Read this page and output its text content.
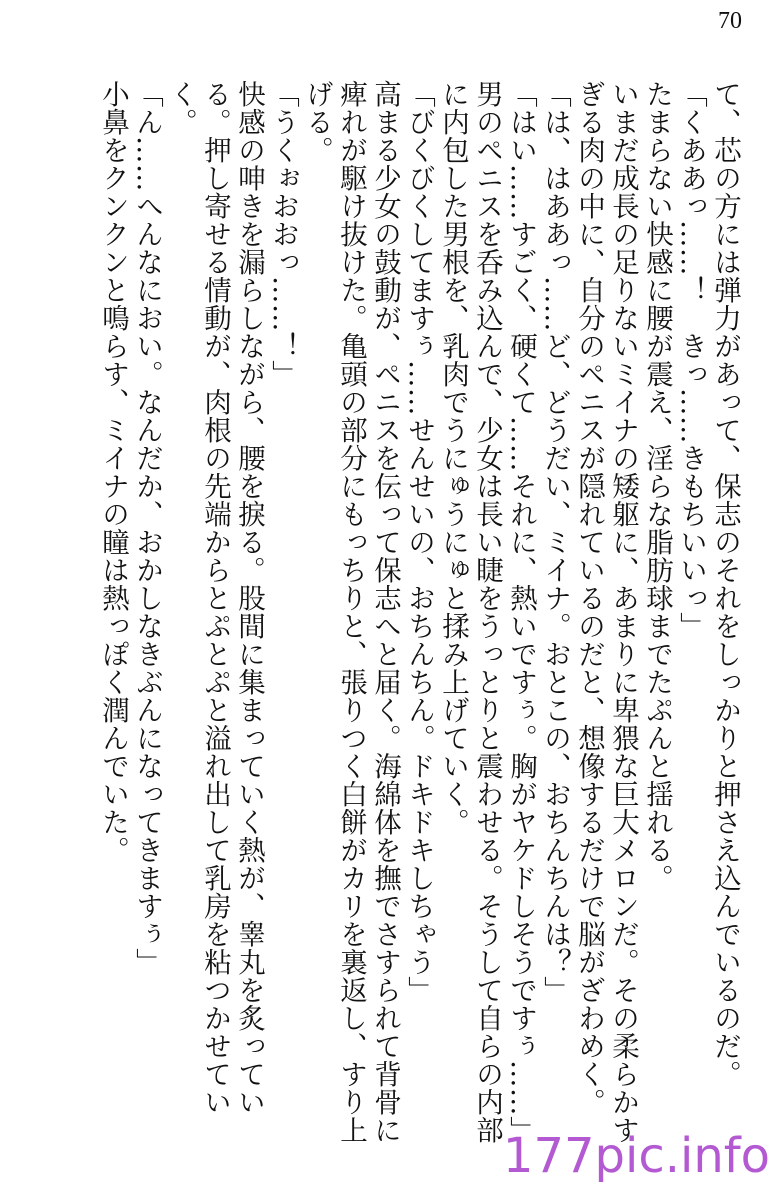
70

て、芯の方には弾力があって、保志のそれをしっかりと押さえ込んでいるのだ。

「くああっ……！　きっ……きもちいいっ」

たまらない快感に腰が震え、淫らな脂肪球までたぷんと揺れる。

いまだ成長の足りないミイナの矮躯に、あまりに卑猥な巨大メロンだ。その柔らかすぎる肉の中に、自分のペニスが隠れているのだと、想像するだけで脳がざわめく。

「は、はああっ……ど、どうだい、ミイナ。おとこの、おちんちんは？」

「はい……すごく、硬くて……それに、熱いですぅ。胸がヤケドしそうですぅ……」

男のペニスを呑み込んで、少女は長い睫をうっとりと震わせる。そうして自らの内部に内包した男根を、乳肉でうにゅうにゅと揉み上げていく。

「びくびくしてますぅ……せんせいの、おちんちん。ドキドキしちゃう」

高まる少女の鼓動が、ペニスを伝って保志へと届く。海綿体を撫でさすられて背骨に痺れが駆け抜けた。亀頭の部分にもっちりと、張りつく白餅がカリを裏返し、すり上げる。

「うくぉおおっ……！」

快感の呻きを漏らしながら、腰を捩る。股間に集まっていく熱が、睾丸を炙っている。押し寄せる情動が、肉根の先端からとぷとぷと溢れ出して乳房を粘つかせていく。

「ん……へんなにおい。なんだか、おかしなきぶんになってきますぅ」

小鼻をクンクンと鳴らす、ミイナの瞳は熱っぽく潤んでいた。

177pic.info
